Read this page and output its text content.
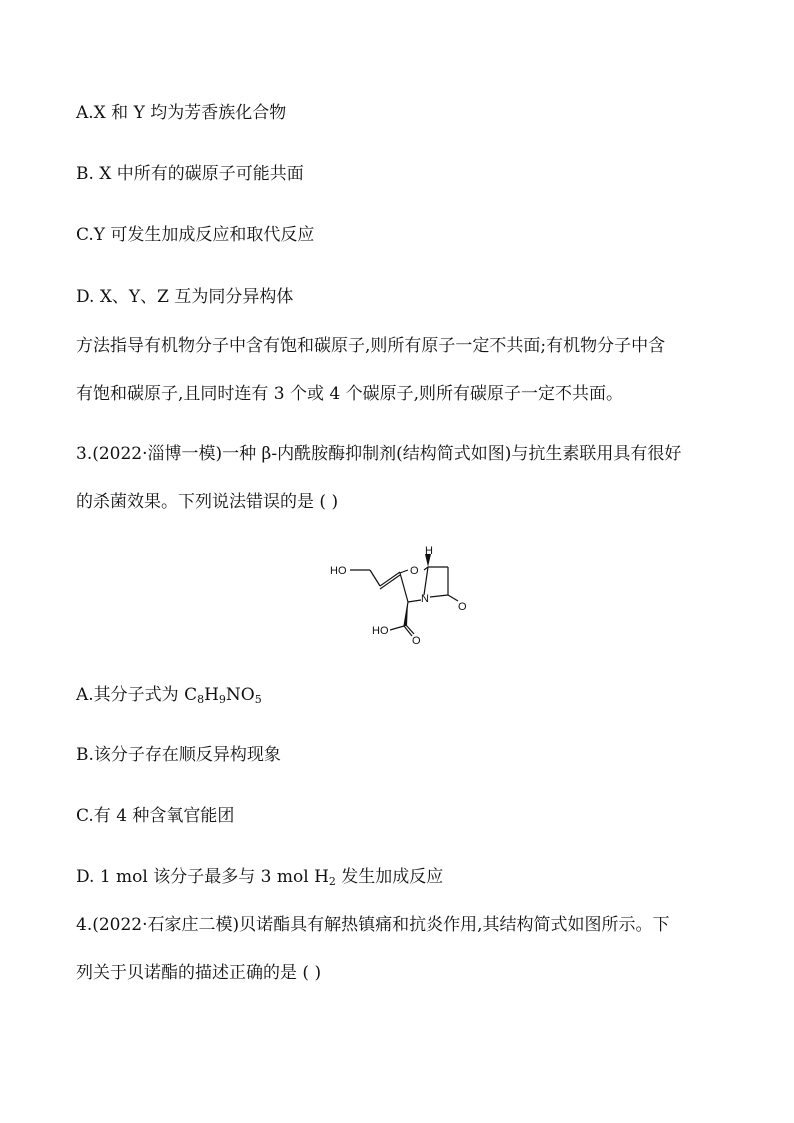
A.X 和 Y 均为芳香族化合物
B. X 中所有的碳原子可能共面
C.Y 可发生加成反应和取代反应
D. X、Y、Z 互为同分异构体
方法指导有机物分子中含有饱和碳原子,则所有原子一定不共面;有机物分子中含
有饱和碳原子,且同时连有 3 个或 4 个碳原子,则所有碳原子一定不共面。
3.(2022·淄博一模)一种 β-内酰胺酶抑制剂(结构简式如图)与抗生素联用具有很好
的杀菌效果。下列说法错误的是 ( )
HO	O
H
N
O
HO
O
A.其分子式为 $C_8H_9NO_5$
B.该分子存在顺反异构现象
C.有 4 种含氧官能团
D. 1 mol 该分子最多与 3 mol $H_2$ 发生加成反应
4.(2022·石家庄二模)贝诺酯具有解热镇痛和抗炎作用,其结构简式如图所示。下
列关于贝诺酯的描述正确的是 ( )
